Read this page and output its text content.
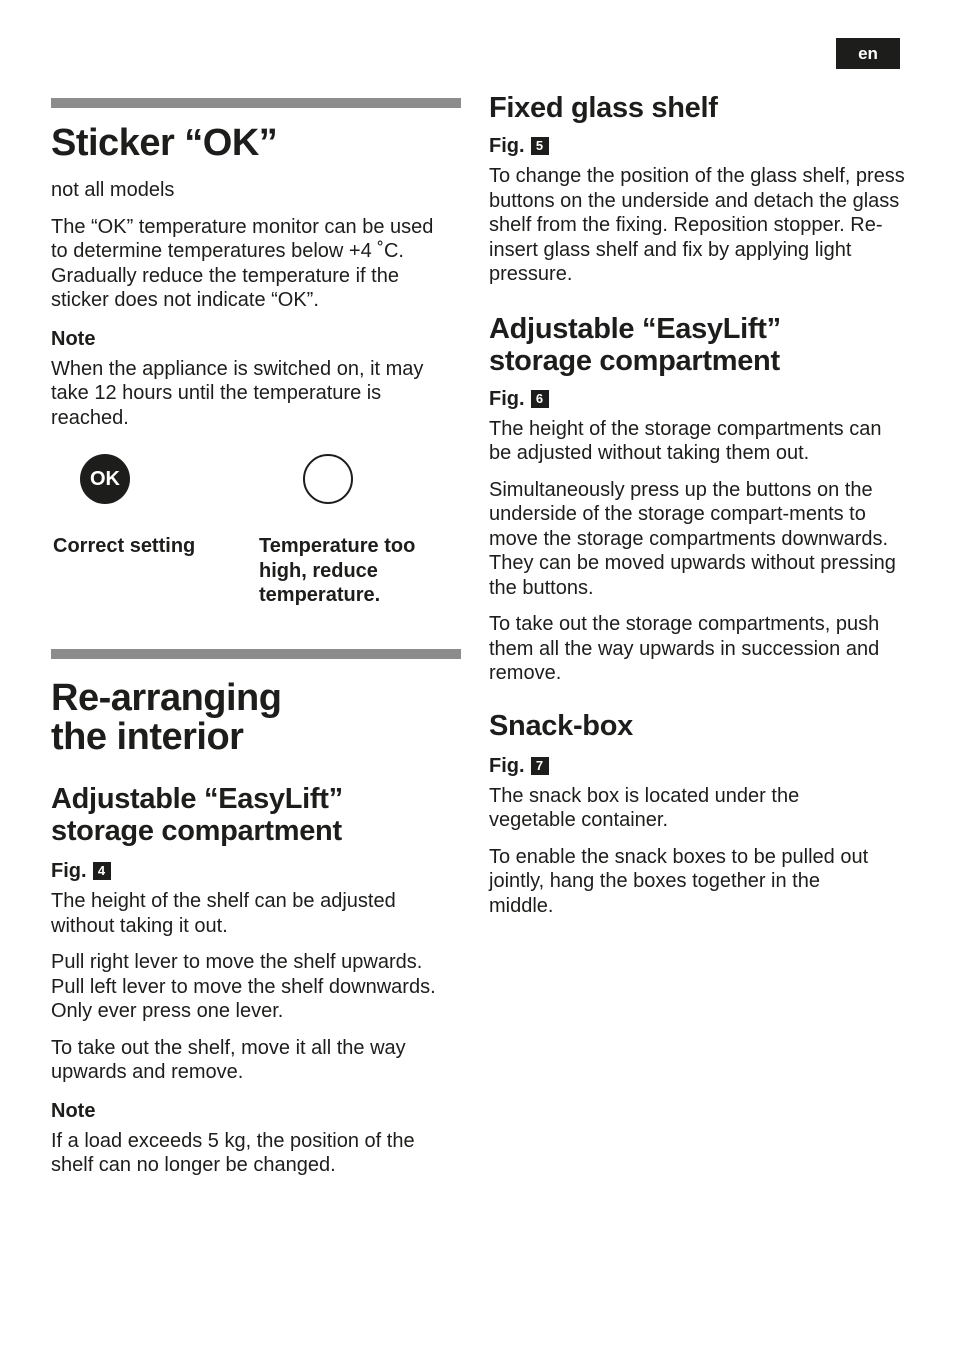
en
Sticker “OK”

not all models

The “OK” temperature monitor can be used to determine temperatures below +4 ˚C. Gradually reduce the temperature if the sticker does not indicate “OK”.

Note

When the appliance is switched on, it may take 12 hours until the temperature is reached.

OK
Correct setting	Temperature too high, reduce temperature.
Re-arranging
the interior
Adjustable “EasyLift”
storage compartment
Fig. 4

The height of the shelf can be adjusted without taking it out.

Pull right lever to move the shelf upwards. Pull left lever to move the shelf downwards. Only ever press one lever.

To take out the shelf, move it all the way upwards and remove.

Note

If a load exceeds 5 kg, the position of the shelf can no longer be changed.

Fixed glass shelf
Fig. 5

To change the position of the glass shelf, press buttons on the underside and detach the glass shelf from the fixing. Reposition stopper. Re-insert glass shelf and fix by applying light pressure.

Adjustable “EasyLift”
storage compartment
Fig. 6

The height of the storage compartments can be adjusted without taking them out.

Simultaneously press up the buttons on the underside of the storage compart-ments to move the storage compartments downwards. They can be moved upwards without pressing the buttons.

To take out the storage compartments, push them all the way upwards in succession and remove.

Snack-box
Fig. 7

The snack box is located under the vegetable container.

To enable the snack boxes to be pulled out jointly, hang the boxes together in the middle.
